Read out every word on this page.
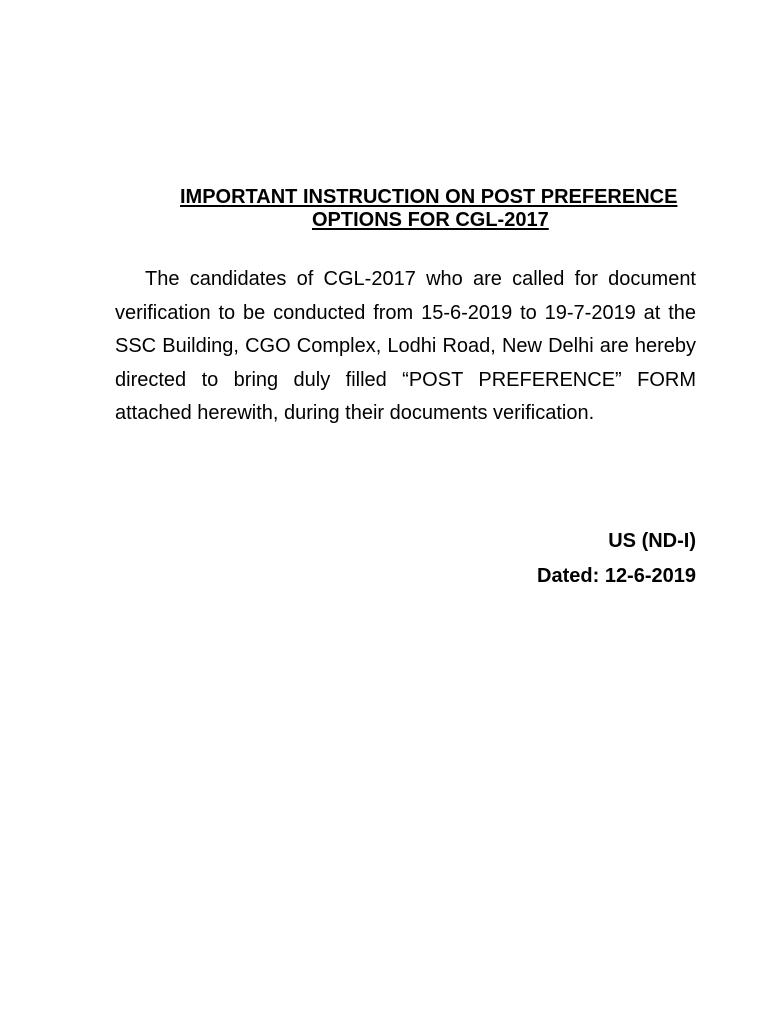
IMPORTANT INSTRUCTION ON POST PREFERENCE
OPTIONS FOR CGL-2017

The candidates of CGL-2017 who are called for document verification to be conducted from 15-6-2019 to 19-7-2019 at the SSC Building, CGO Complex, Lodhi Road, New Delhi are hereby directed to bring duly filled “POST PREFERENCE” FORM attached herewith, during their documents verification.

US (ND-I)
Dated: 12-6-2019
